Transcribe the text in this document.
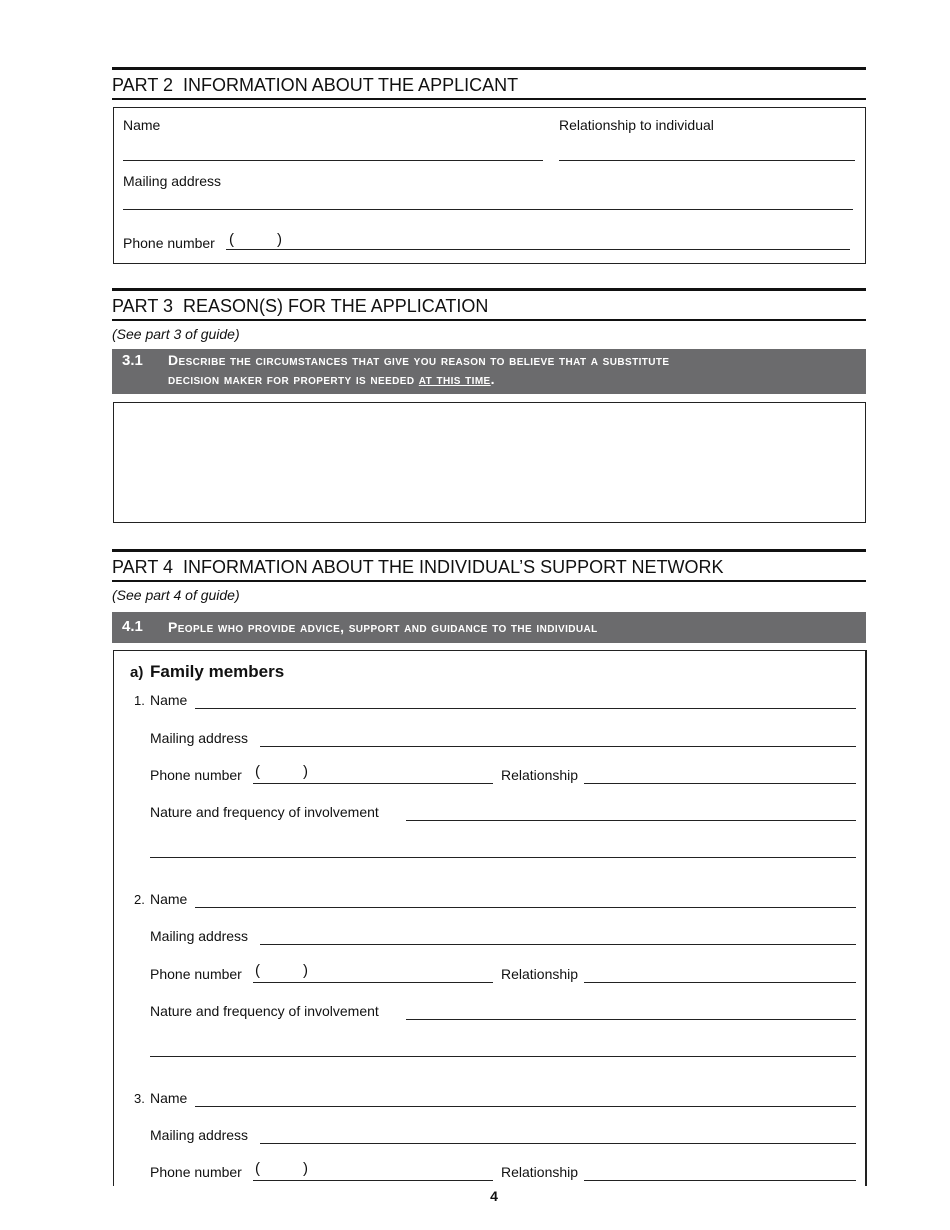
PART 2 INFORMATION ABOUT THE APPLICANT
Name	Relationship to individual
Mailing address
Phone number (	)
PART 3 REASON(S) FOR THE APPLICATION
(See part 3 of guide)
3.1 Describe the circumstances that give you reason to believe that a substitute
decision maker for property is needed at this time.
PART 4 INFORMATION ABOUT THE INDIVIDUAL’S SUPPORT NETWORK
(See part 4 of guide)
4.1 People who provide advice, support and guidance to the individual
a) Family members
1. Name
Mailing address
Phone number (	)	Relationship
Nature and frequency of involvement
2. Name
Mailing address
Phone number (	)	Relationship
Nature and frequency of involvement
3. Name
Mailing address
Phone number (	)	Relationship
4
